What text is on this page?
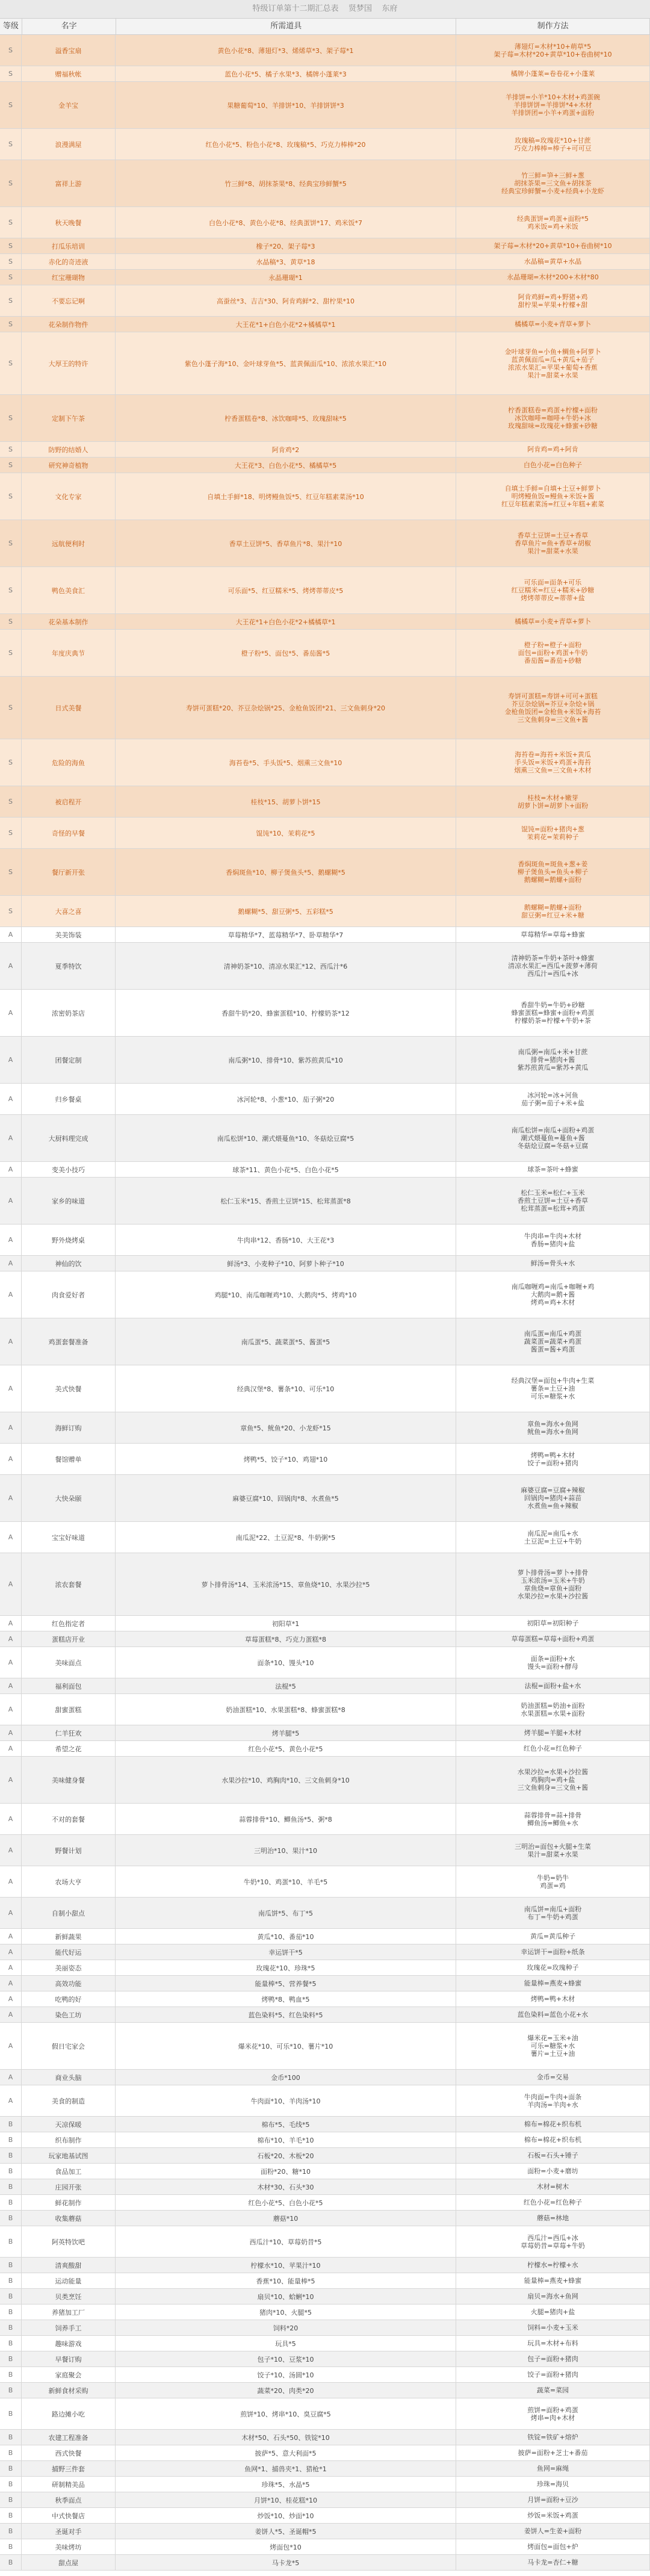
特级订单第十二期汇总表    贤梦国    东府
等级	名字	所需道具	制作方法
S	溢香宝扇	黄色小花*8、薄翅灯*3、烯烯草*3、架子莓*1
薄翅灯=木材*10+萌草*5
架子莓=木材*20+黄草*10+卷曲树*10
S	赠福秋帐	蓝色小花*5、橘子水果*3、橘牌小蓬莱*3	橘牌小蓬莱=卷卷花+小蓬莱
S	金羊宝	果糖葡萄*10、羊排饼*10、羊排饼饼*3
羊排饼=小羊*10+木材+鸡蛋碗
羊排饼饼=羊排饼*4+木材
羊排饼团=小羊+鸡蛋+面粉
S	浪漫满屋	红色小花*5、粉色小花*8、玫瑰稿*5、巧克力棒棒*20
玫瑰稿=玫瑰花*10+甘蔗
巧克力棒棒=棒子+可可豆
S	富祥上游	竹三鲜*8、胡抹茶果*8、经典宝珍鲜蟹*5
竹三鲜=笋+三鲜+葱
胡抹茶果=三文鱼+胡抹茶
经典宝珍鲜蟹=小麦+经典+小龙虾
S	秋天晚餐	白色小花*8、黄色小花*8、经典蛋饼*17、鸡米饭*7
经典蛋饼=鸡蛋+面粉*5
鸡米饭=鸡+米饭
S	打瓜乐培训	橡子*20、架子莓*3	架子莓=木材*20+黄草*10+卷曲树*10
S	赤化的奇迹液	水晶稿*3、黄草*18	水晶稿=黄草+水晶
S	红宝珊瑚物	永晶珊瑚*1	永晶珊瑚=木材*200+木材*80
S	不要忘记啊	高蚕丝*3、吉吉*30、阿肯鸡鲜*2、甜柠果*10
阿肯鸡鲜=鸡+野猪+鸡
甜柠果=苹果+柠檬+甜
S	花朵制作物件	大王花*1+白色小花*2+橘橘草*1	橘橘草=小麦+青草+萝卜
S	大厚王的特许	紫色小蓬子海*10、金叶球芽鱼*5、蓝黄佩面瓜*10、浓浓水果汇*10
金叶球芽鱼=小鱼+鲷鱼+阿萝卜
蓝黄佩面瓜=瓜+黄瓜+茄子
浓浓水果汇=苹果+葡萄+香蕉
果汁=甜菜+水果
S	定制下午茶	柠香蛋糕卷*8、冰饮咖啡*5、玫瑰甜味*5
柠香蛋糕卷=鸡蛋+柠檬+面粉
冰饮咖啡=咖啡+牛奶+冰
玫瑰甜味=玫瑰花+蜂蜜+砂糖
S	防野的结婚人	阿肯鸡*2	阿肯鸡=鸡+阿肯
S	研究神奇植物	大王花*3、白色小花*5、橘橘草*5	白色小花=白色种子
S	文化专家	自填土手鲜*18、明烤鳗鱼饭*5、红豆年糕素菜汤*10
自填土手鲜=自填+土豆+鲜萝卜
明烤鳗鱼饭=鳗鱼+米饭+酱
红豆年糕素菜汤=红豆+年糕+素菜
S	远航便利时	香草土豆饼*5、香草鱼片*8、果汁*10
香草土豆饼=土豆+香草
香草鱼片=鱼+香草+胡椒
果汁=甜菜+水果
S	鸭色美食汇	可乐面*5、红豆糯米*5、烤烤蒂蒂皮*5
可乐面=面条+可乐
红豆糯米=红豆+糯米+砂糖
烤烤蒂蒂皮=蒂蒂+盐
S	花朵基本制作	大王花*1+白色小花*2+橘橘草*1	橘橘草=小麦+青草+萝卜
S	年度庆典节	橙子粉*5、面包*5、番茄酱*5
橙子粉=橙子+面粉
面包=面粉+鸡蛋+牛奶
番茄酱=番茄+砂糖
S	日式美餐	寿饼可蛋糕*20、芥豆杂烩锅*25、金枪鱼饭团*21、三文鱼刺身*20
寿饼可蛋糕=寿饼+可可+蛋糕
芥豆杂烩锅=芥豆+杂烩+锅
金枪鱼饭团=金枪鱼+米饭+海苔
三文鱼刺身=三文鱼+酱
S	危险的海鱼	海苔卷*5、手头饭*5、烟熏三文鱼*10
海苔卷=海苔+米饭+黄瓜
手头饭=米饭+鸡蛋+海苔
烟熏三文鱼=三文鱼+木材
S	被启程开	桂枝*15、胡萝卜饼*15
桂枝=木材+嫩芽
胡萝卜饼=胡萝卜+面粉
S	奇怪的早餐	馄饨*10、茉莉花*5
馄饨=面粉+猪肉+葱
茉莉花=茉莉种子
S	餐厅新开张	香焖斑鱼*10、柳子煲鱼头*5、鹅螺糊*5
香焖斑鱼=斑鱼+葱+姜
柳子煲鱼头=鱼头+柳子
鹅螺糊=鹅螺+面粉
S	大喜之喜	鹅螺糊*5、甜豆粥*5、五彩糕*5
鹅螺糊=鹅螺+面粉
甜豆粥=红豆+米+糖
A	美美饰装	草莓精华*7、蓝莓精华*7、卧草精华*7	草莓精华=草莓+蜂蜜
A	夏季特饮	清神奶茶*10、清凉水果汇*12、西瓜汁*6
清神奶茶=牛奶+茶叶+蜂蜜
清凉水果汇=西瓜+菠萝+薄荷
西瓜汁=西瓜+冰
A	浓密奶茶店	香甜牛奶*20、蜂蜜蛋糕*10、柠檬奶茶*12
香甜牛奶=牛奶+砂糖
蜂蜜蛋糕=蜂蜜+面粉+鸡蛋
柠檬奶茶=柠檬+牛奶+茶
A	团餐定制	南瓜粥*10、排骨*10、紫苏煎黄瓜*10
南瓜粥=南瓜+米+甘蔗
排骨=猪肉+酱
紫苏煎黄瓜=紫苏+黄瓜
A	归乡餐桌	冰河轮*8、小葱*10、茄子粥*20
冰河轮=冰+河鱼
茄子粥=茄子+米+盐
A	大厨料理完成	南瓜松饼*10、潮式煨蔓鱼*10、冬菇烩豆腐*5
南瓜松饼=南瓜+面粉+鸡蛋
潮式煨蔓鱼=蔓鱼+酱
冬菇烩豆腐=冬菇+豆腐
A	变美小技巧	球茶*11、黄色小花*5、白色小花*5	球茶=茶叶+蜂蜜
A	家乡的味道	松仁玉米*15、香煎土豆饼*15、松茸蒸蛋*8
松仁玉米=松仁+玉米
香煎土豆饼=土豆+香草
松茸蒸蛋=松茸+鸡蛋
A	野外烧烤桌	牛肉串*12、香肠*10、大王花*3
牛肉串=牛肉+木材
香肠=猪肉+盐
A	神仙的饮	鲜汤*3、小麦种子*10、阿萝卜种子*10	鲜汤=骨头+水
A	肉食爱好者	鸡腿*10、南瓜咖喱鸡*10、大鹅肉*5、烤鸡*10
南瓜咖喱鸡=南瓜+咖喱+鸡
大鹅肉=鹅+酱
烤鸡=鸡+木材
A	鸡蛋套餐准备	南瓜蛋*5、蔬菜蛋*5、酱蛋*5
南瓜蛋=南瓜+鸡蛋
蔬菜蛋=蔬菜+鸡蛋
酱蛋=酱+鸡蛋
A	美式快餐	经典汉堡*8、薯条*10、可乐*10
经典汉堡=面包+牛肉+生菜
薯条=土豆+油
可乐=糖浆+水
A	海鲜订购	章鱼*5、鱿鱼*20、小龙虾*15
章鱼=海水+鱼网
鱿鱼=海水+鱼网
A	餐馆赠单	烤鸭*5、饺子*10、鸡翅*10
烤鸭=鸭+木材
饺子=面粉+猪肉
A	大快朵颐	麻婆豆腐*10、回锅肉*8、水煮鱼*5
麻婆豆腐=豆腐+辣椒
回锅肉=猪肉+蒜苗
水煮鱼=鱼+辣椒
A	宝宝好味道	南瓜泥*22、土豆泥*8、牛奶粥*5
南瓜泥=南瓜+水
土豆泥=土豆+牛奶
A	浓农套餐	萝卜排骨汤*14、玉米浓汤*15、章鱼烧*10、水果沙拉*5
萝卜排骨汤=萝卜+排骨
玉米浓汤=玉米+牛奶
章鱼烧=章鱼+面粉
水果沙拉=水果+沙拉酱
A	红色指定者	初阳草*1	初阳草=初阳种子
A	蛋糕店开业	草莓蛋糕*8、巧克力蛋糕*8	草莓蛋糕=草莓+面粉+鸡蛋
A	美味面点	面条*10、馒头*10
面条=面粉+水
馒头=面粉+酵母
A	福利面包	法棍*5	法棍=面粉+盐+水
A	甜蜜蛋糕	奶油蛋糕*10、水果蛋糕*8、蜂蜜蛋糕*8
奶油蛋糕=奶油+面粉
水果蛋糕=水果+面粉
A	仁羊狂欢	烤羊腿*5	烤羊腿=羊腿+木材
A	希望之花	红色小花*5、黄色小花*5	红色小花=红色种子
A	美味健身餐	水果沙拉*10、鸡胸肉*10、三文鱼刺身*10
水果沙拉=水果+沙拉酱
鸡胸肉=鸡+盐
三文鱼刺身=三文鱼+酱
A	不对的套餐	蒜蓉排骨*10、鲫鱼汤*5、粥*8
蒜蓉排骨=蒜+排骨
鲫鱼汤=鲫鱼+水
A	野餐计划	三明治*10、果汁*10
三明治=面包+火腿+生菜
果汁=甜菜+水果
A	农场大亨	牛奶*10、鸡蛋*10、羊毛*5
牛奶=奶牛
鸡蛋=鸡
A	自制小甜点	南瓜饼*5、布丁*5
南瓜饼=南瓜+面粉
布丁=牛奶+鸡蛋
A	新鲜蔬果	黄瓜*10、番茄*10	黄瓜=黄瓜种子
A	能代好运	幸运饼干*5	幸运饼干=面粉+纸条
A	美丽姿态	玫瑰花*10、珍珠*5	玫瑰花=玫瑰种子
A	高效功能	能量棒*5、营养餐*5	能量棒=燕麦+蜂蜜
A	吃鸭的好	烤鸭*8、鸭血*5	烤鸭=鸭+木材
A	染色工坊	蓝色染料*5、红色染料*5	蓝色染料=蓝色小花+水
A	假日宅家会	爆米花*10、可乐*10、薯片*10
爆米花=玉米+油
可乐=糖浆+水
薯片=土豆+油
A	商业头脑	金币*100	金币=交易
A	美食的制造	牛肉面*10、羊肉汤*10
牛肉面=牛肉+面条
羊肉汤=羊肉+水
B	天凉保暖	棉布*5、毛线*5	棉布=棉花+织布机
B	织布制作	棉布*10、羊毛*10	棉布=棉花+织布机
B	玩家地基试图	石板*20、木板*20	石板=石头+锤子
B	食品加工	面粉*20、糖*10	面粉=小麦+磨坊
B	庄园开张	木材*30、石头*30	木材=树木
B	鲜花制作	红色小花*5、白色小花*5	红色小花=红色种子
B	收集蘑菇	蘑菇*10	蘑菇=林地
B	阿英特饮吧	西瓜汁*10、草莓奶昔*5
西瓜汁=西瓜+冰
草莓奶昔=草莓+牛奶
B	清爽酸甜	柠檬水*10、苹果汁*10	柠檬水=柠檬+水
B	运动能量	香蕉*10、能量棒*5	能量棒=燕麦+蜂蜜
B	贝类烹饪	扇贝*10、蛤蜊*10	扇贝=海水+鱼网
B	养猪加工厂	猪肉*10、火腿*5	火腿=猪肉+盐
B	饲养手工	饲料*20	饲料=小麦+玉米
B	趣味游戏	玩具*5	玩具=木材+布料
B	早餐订购	包子*10、豆浆*10	包子=面粉+猪肉
B	家庭聚会	饺子*10、汤圆*10	饺子=面粉+猪肉
B	新鲜食材采购	蔬菜*20、肉类*20	蔬菜=菜园
B	路边摊小吃	煎饼*10、烤串*10、臭豆腐*5
煎饼=面粉+鸡蛋
烤串=肉+木材
B	农建工程准备	木材*50、石头*50、铁锭*10	铁锭=铁矿+熔炉
B	西式快餐	披萨*5、意大利面*5	披萨=面粉+芝士+番茄
B	捕野三件套	鱼网*1、捕兽夹*1、猎枪*1	鱼网=麻绳
B	研制精美品	珍珠*5、水晶*5	珍珠=海贝
B	秋季面点	月饼*10、桂花糕*10	月饼=面粉+豆沙
B	中式快餐店	炒饭*10、炒面*10	炒饭=米饭+鸡蛋
B	圣诞对手	姜饼人*5、圣诞帽*5	姜饼人=生姜+面粉
B	美味烤坊	烤面包*10	烤面包=面包+炉
B	甜点屋	马卡龙*5	马卡龙=杏仁+糖
